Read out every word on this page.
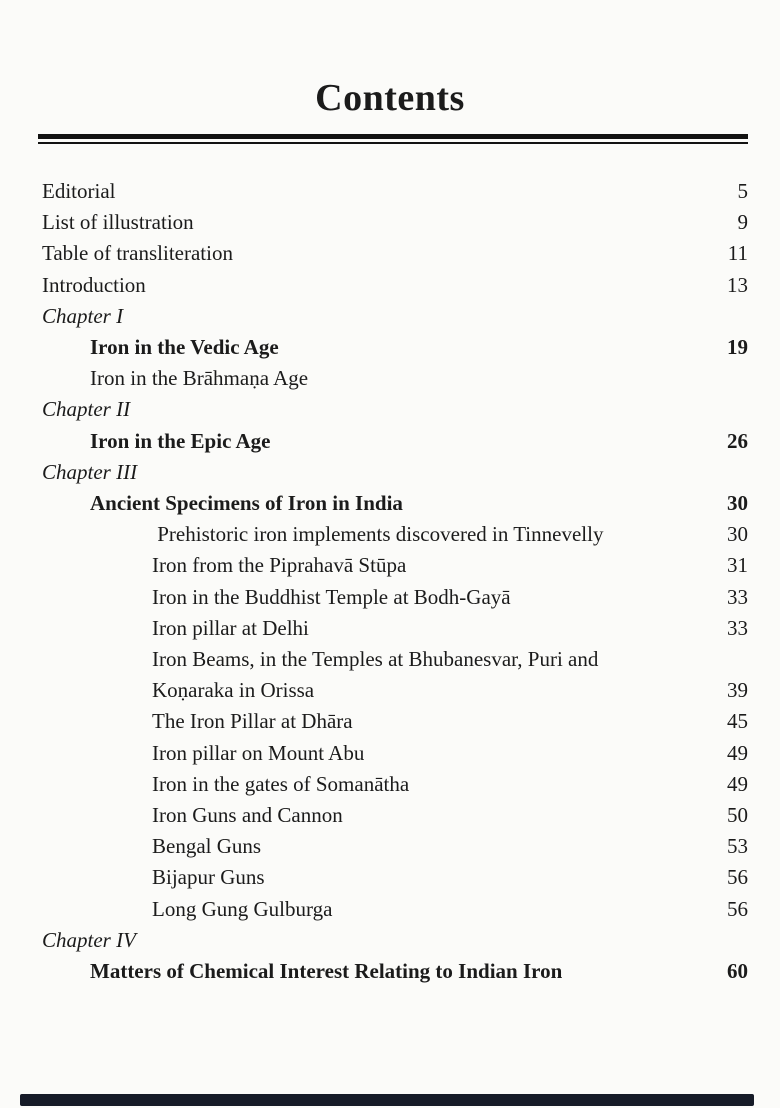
Contents
Editorial	5
List of illustration	9
Table of transliteration	11
Introduction	13
Chapter I
Iron in the Vedic Age	19
Iron in the Brāhmaṇa Age
Chapter II
Iron in the Epic Age	26
Chapter III
Ancient Specimens of Iron in India	30
Prehistoric iron implements discovered in Tinnevelly	30
Iron from the Piprahavā Stūpa	31
Iron in the Buddhist Temple at Bodh-Gayā	33
Iron pillar at Delhi	33
Iron Beams, in the Temples at Bhubanesvar, Puri and
Koṇaraka in Orissa	39
The Iron Pillar at Dhāra	45
Iron pillar on Mount Abu	49
Iron in the gates of Somanātha	49
Iron Guns and Cannon	50
Bengal Guns	53
Bijapur Guns	56
Long Gung Gulburga	56
Chapter IV
Matters of Chemical Interest Relating to Indian Iron	60
